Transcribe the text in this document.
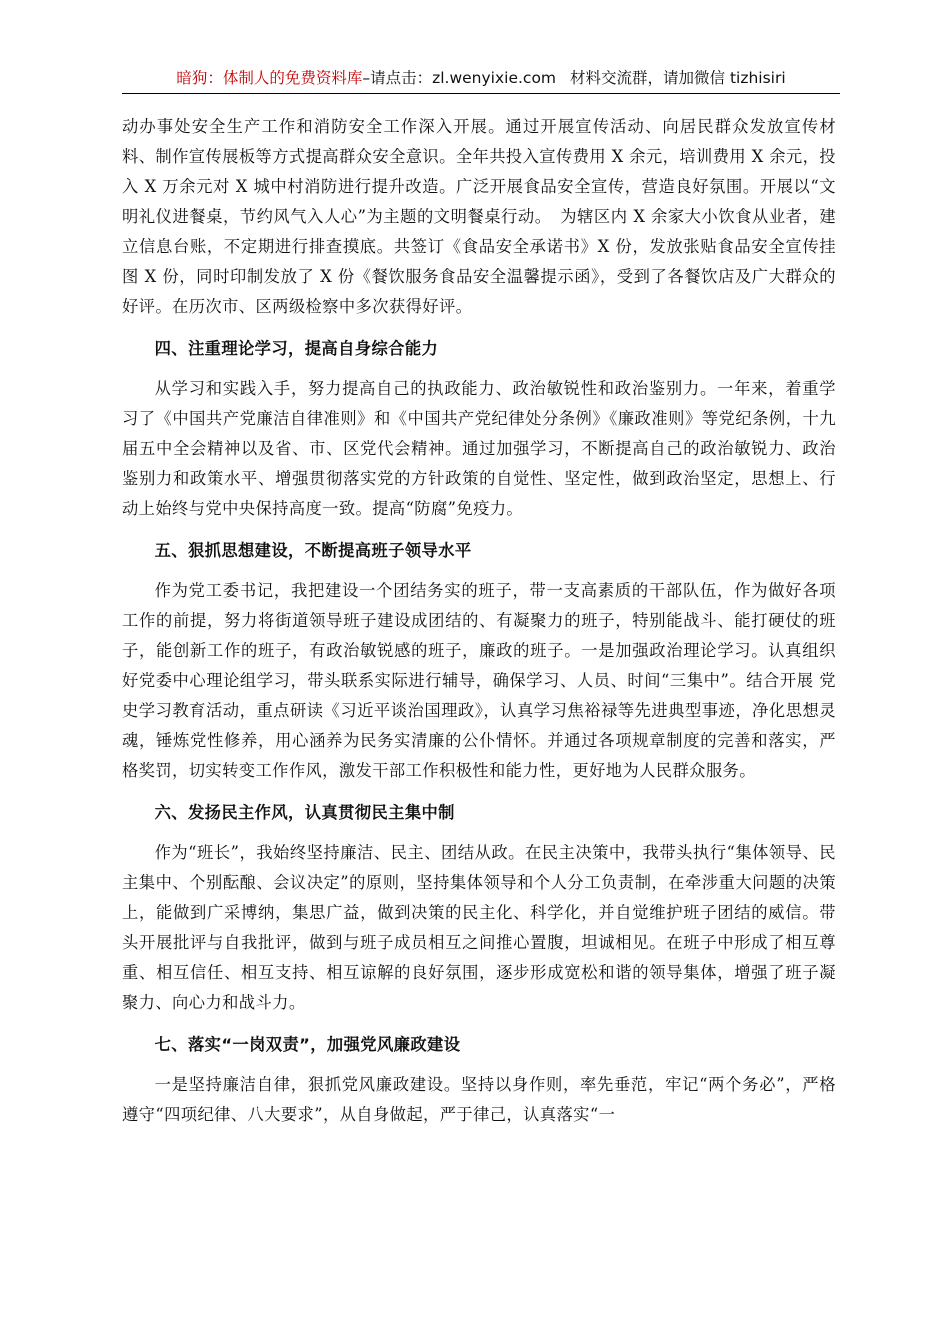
暗狗：体制人的免费资料库–请点击：zl.wenyixie.com 材料交流群，请加微信 tizhisiri

动办事处安全生产工作和消防安全工作深入开展。通过开展宣传活动、向居民群众发放宣传材料、制作宣传展板等方式提高群众安全意识。全年共投入宣传费用 X 余元，培训费用 X 余元，投入 X 万余元对 X 城中村消防进行提升改造。广泛开展食品安全宣传，营造良好氛围。开展以“文明礼仪进餐桌，节约风气入人心”为主题的文明餐桌行动。　为辖区内 X 余家大小饮食从业者，建立信息台账，不定期进行排查摸底。共签订《食品安全承诺书》X 份，发放张贴食品安全宣传挂图 X 份，同时印制发放了 X 份《餐饮服务食品安全温馨提示函》，受到了各餐饮店及广大群众的好评。在历次市、区两级检察中多次获得好评。

四、注重理论学习，提高自身综合能力

从学习和实践入手，努力提高自己的执政能力、政治敏锐性和政治鉴别力。一年来，着重学习了《中国共产党廉洁自律准则》和《中国共产党纪律处分条例》《廉政准则》等党纪条例，十九届五中全会精神以及省、市、区党代会精神。通过加强学习，不断提高自己的政治敏锐力、政治鉴别力和政策水平、增强贯彻落实党的方针政策的自觉性、坚定性，做到政治坚定，思想上、行动上始终与党中央保持高度一致。提高“防腐”免疫力。

五、狠抓思想建设，不断提高班子领导水平

作为党工委书记，我把建设一个团结务实的班子，带一支高素质的干部队伍，作为做好各项工作的前提，努力将街道领导班子建设成团结的、有凝聚力的班子，特别能战斗、能打硬仗的班子，能创新工作的班子，有政治敏锐感的班子，廉政的班子。一是加强政治理论学习。认真组织好党委中心理论组学习，带头联系实际进行辅导，确保学习、人员、时间“三集中”。结合开展 党史学习教育活动，重点研读《习近平谈治国理政》，认真学习焦裕禄等先进典型事迹，净化思想灵魂，锤炼党性修养，用心涵养为民务实清廉的公仆情怀。并通过各项规章制度的完善和落实，严格奖罚，切实转变工作作风，激发干部工作积极性和能力性，更好地为人民群众服务。

六、发扬民主作风，认真贯彻民主集中制

作为“班长”，我始终坚持廉洁、民主、团结从政。在民主决策中，我带头执行“集体领导、民主集中、个别酝酿、会议决定”的原则，坚持集体领导和个人分工负责制，在牵涉重大问题的决策上，能做到广采博纳，集思广益，做到决策的民主化、科学化，并自觉维护班子团结的威信。带头开展批评与自我批评，做到与班子成员相互之间推心置腹，坦诚相见。在班子中形成了相互尊重、相互信任、相互支持、相互谅解的良好氛围，逐步形成宽松和谐的领导集体，增强了班子凝聚力、向心力和战斗力。

七、落实“一岗双责”，加强党风廉政建设

一是坚持廉洁自律，狠抓党风廉政建设。坚持以身作则，率先垂范，牢记“两个务必”，严格遵守“四项纪律、八大要求”，从自身做起，严于律己，认真落实“一
